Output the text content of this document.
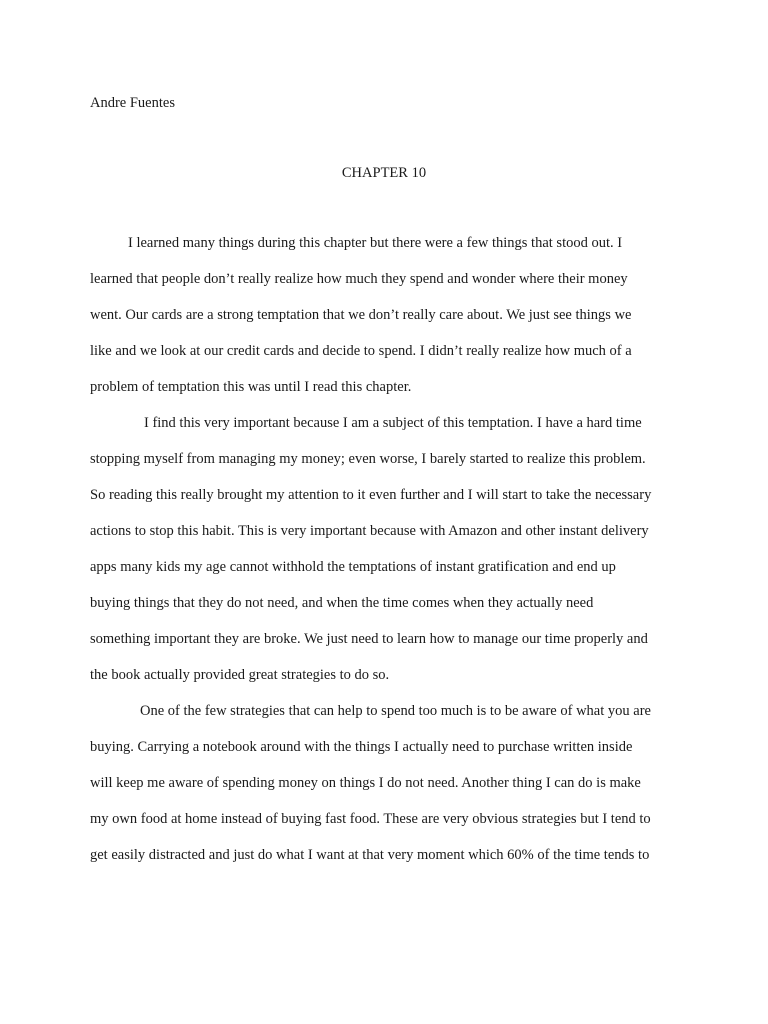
Andre Fuentes
CHAPTER 10
I learned many things during this chapter but there were a few things that stood out. I
learned that people don’t really realize how much they spend and wonder where their money
went. Our cards are a strong temptation that we don’t really care about. We just see things we
like and we look at our credit cards and decide to spend. I didn’t really realize how much of a
problem of temptation this was until I read this chapter.
I find this very important because I am a subject of this temptation. I have a hard time
stopping myself from managing my money; even worse, I barely started to realize this problem.
So reading this really brought my attention to it even further and I will start to take the necessary
actions to stop this habit. This is very important because with Amazon and other instant delivery
apps many kids my age cannot withhold the temptations of instant gratification and end up
buying things that they do not need, and when the time comes when they actually need
something important they are broke. We just need to learn how to manage our time properly and
the book actually provided great strategies to do so.
One of the few strategies that can help to spend too much is to be aware of what you are
buying. Carrying a notebook around with the things I actually need to purchase written inside
will keep me aware of spending money on things I do not need. Another thing I can do is make
my own food at home instead of buying fast food. These are very obvious strategies but I tend to
get easily distracted and just do what I want at that very moment which 60% of the time tends to
